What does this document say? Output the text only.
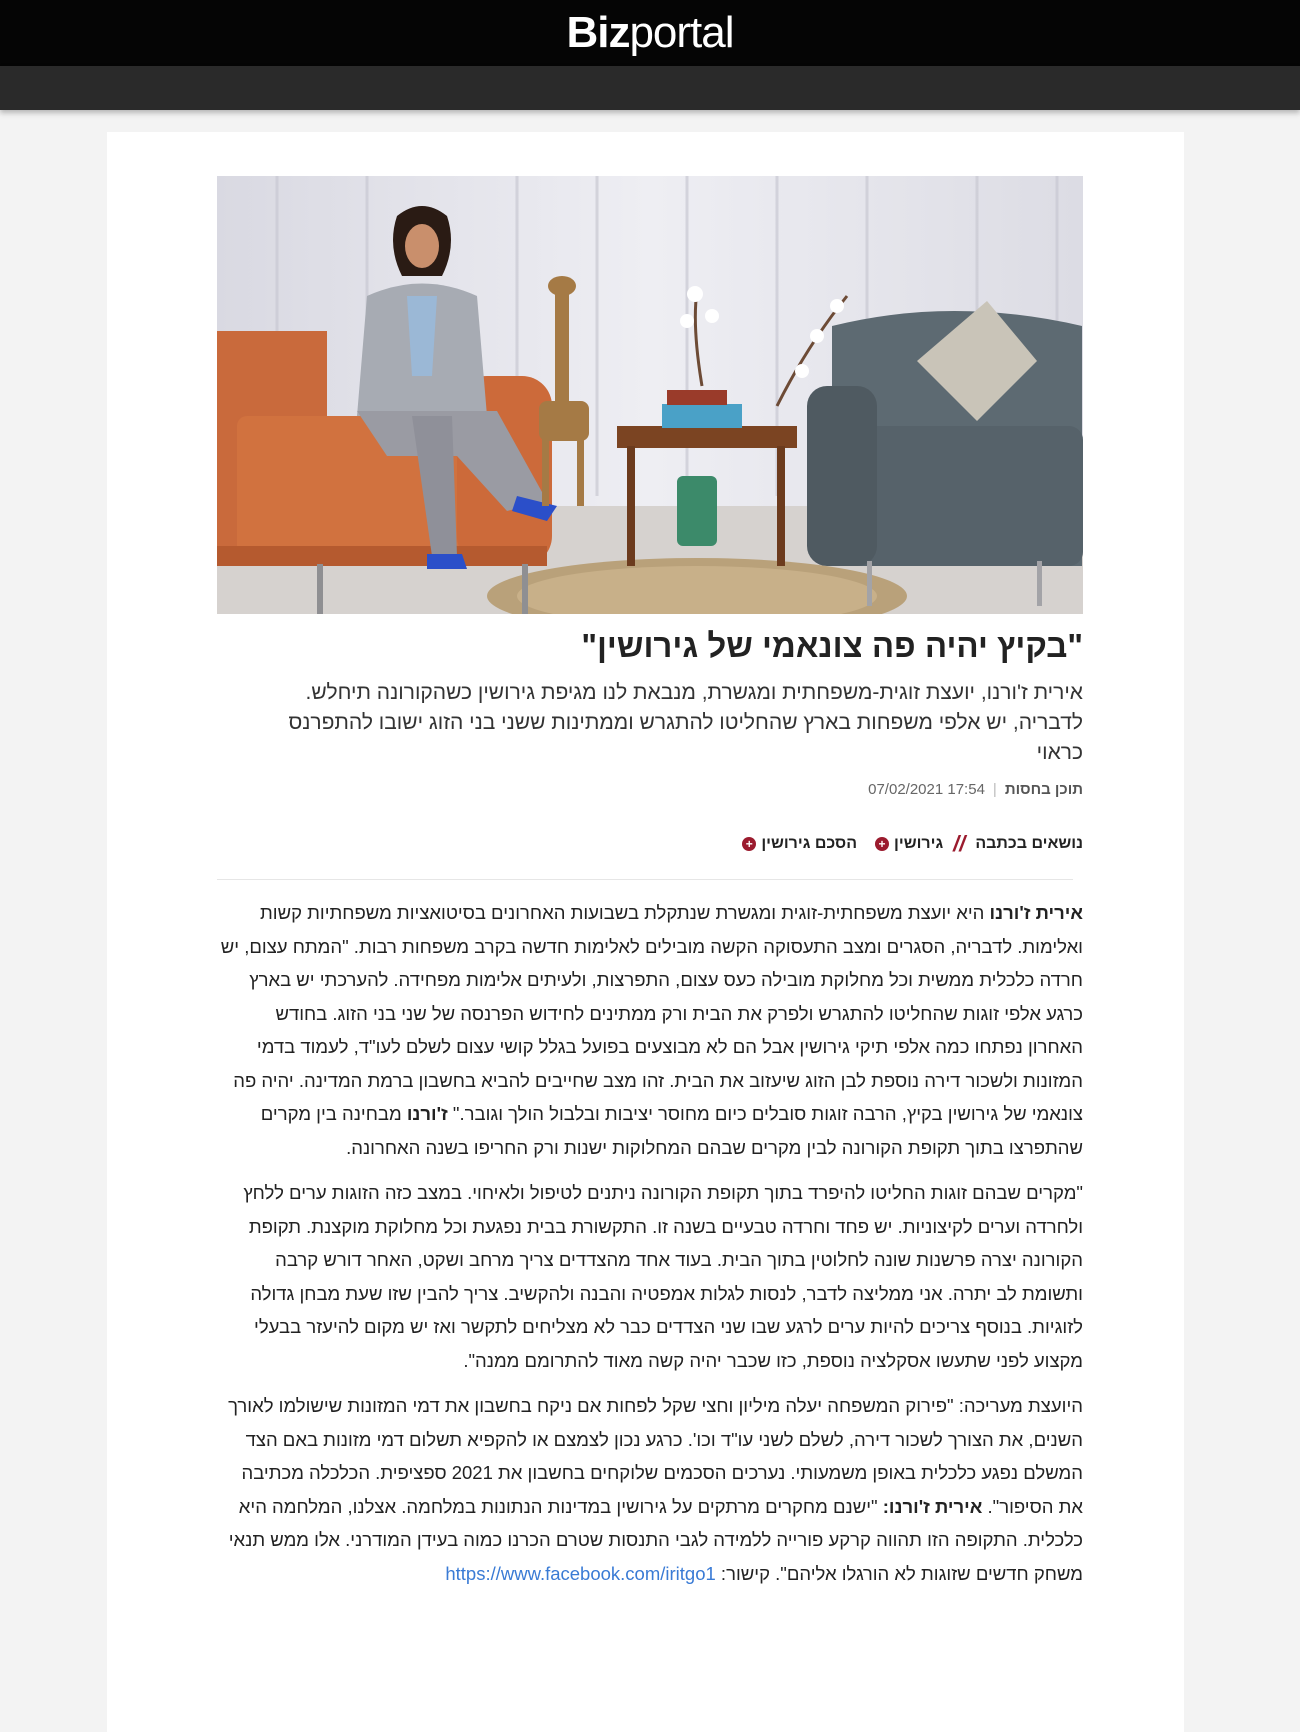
Biz portal
"בקיץ יהיה פה צונאמי של גירושין"

אירית ז'ורנו, יועצת זוגית-משפחתית ומגשרת, מנבאת לנו מגיפת גירושין כשהקורונה תיחלש. לדבריה, יש אלפי משפחות בארץ שהחליטו להתגרש וממתינות ששני בני הזוג ישובו להתפרנס כראוי

תוכן בחסות
|
17:54 07/02/2021
נושאים בכתבה
//
גירושין
+
הסכם גירושין
+

אירית ז'ורנו היא יועצת משפחתית-זוגית ומגשרת שנתקלת בשבועות האחרונים בסיטואציות משפחתיות קשות ואלימות. לדבריה, הסגרים ומצב התעסוקה הקשה מובילים לאלימות חדשה בקרב משפחות רבות. "המתח עצום, יש חרדה כלכלית ממשית וכל מחלוקת מובילה כעס עצום, התפרצות, ולעיתים אלימות מפחידה. להערכתי יש בארץ כרגע אלפי זוגות שהחליטו להתגרש ולפרק את הבית ורק ממתינים לחידוש הפרנסה של שני בני הזוג. בחודש האחרון נפתחו כמה אלפי תיקי גירושין אבל הם לא מבוצעים בפועל בגלל קושי עצום לשלם לעו"ד, לעמוד בדמי המזונות ולשכור דירה נוספת לבן הזוג שיעזוב את הבית. זהו מצב שחייבים להביא בחשבון ברמת המדינה. יהיה פה צונאמי של גירושין בקיץ, הרבה זוגות סובלים כיום מחוסר יציבות ובלבול הולך וגובר." ז'ורנו מבחינה בין מקרים שהתפרצו בתוך תקופת הקורונה לבין מקרים שבהם המחלוקות ישנות ורק החריפו בשנה האחרונה.

"מקרים שבהם זוגות החליטו להיפרד בתוך תקופת הקורונה ניתנים לטיפול ולאיחוי. במצב כזה הזוגות ערים ללחץ ולחרדה וערים לקיצוניות. יש פחד וחרדה טבעיים בשנה זו. התקשורת בבית נפגעת וכל מחלוקת מוקצנת. תקופת הקורונה יצרה פרשנות שונה לחלוטין בתוך הבית. בעוד אחד מהצדדים צריך מרחב ושקט, האחר דורש קרבה ותשומת לב יתרה. אני ממליצה לדבר, לנסות לגלות אמפטיה והבנה ולהקשיב. צריך להבין שזו שעת מבחן גדולה לזוגיות. בנוסף צריכים להיות ערים לרגע שבו שני הצדדים כבר לא מצליחים לתקשר ואז יש מקום להיעזר בבעלי מקצוע לפני שתעשו אסקלציה נוספת, כזו שכבר יהיה קשה מאוד להתרומם ממנה".

היועצת מעריכה: "פירוק המשפחה יעלה מיליון וחצי שקל לפחות אם ניקח בחשבון את דמי המזונות שישולמו לאורך השנים, את הצורך לשכור דירה, לשלם לשני עו"ד וכו'. כרגע נכון לצמצם או להקפיא תשלום דמי מזונות באם הצד המשלם נפגע כלכלית באופן משמעותי. נערכים הסכמים שלוקחים בחשבון את 2021 ספציפית. הכלכלה מכתיבה את הסיפור". אירית ז'ורנו: "ישנם מחקרים מרתקים על גירושין במדינות הנתונות במלחמה. אצלנו, המלחמה היא כלכלית. התקופה הזו תהווה קרקע פורייה ללמידה לגבי התנסות שטרם הכרנו כמוה בעידן המודרני. אלו ממש תנאי משחק חדשים שזוגות לא הורגלו אליהם". קישור: https://www.facebook.com/iritgo1
